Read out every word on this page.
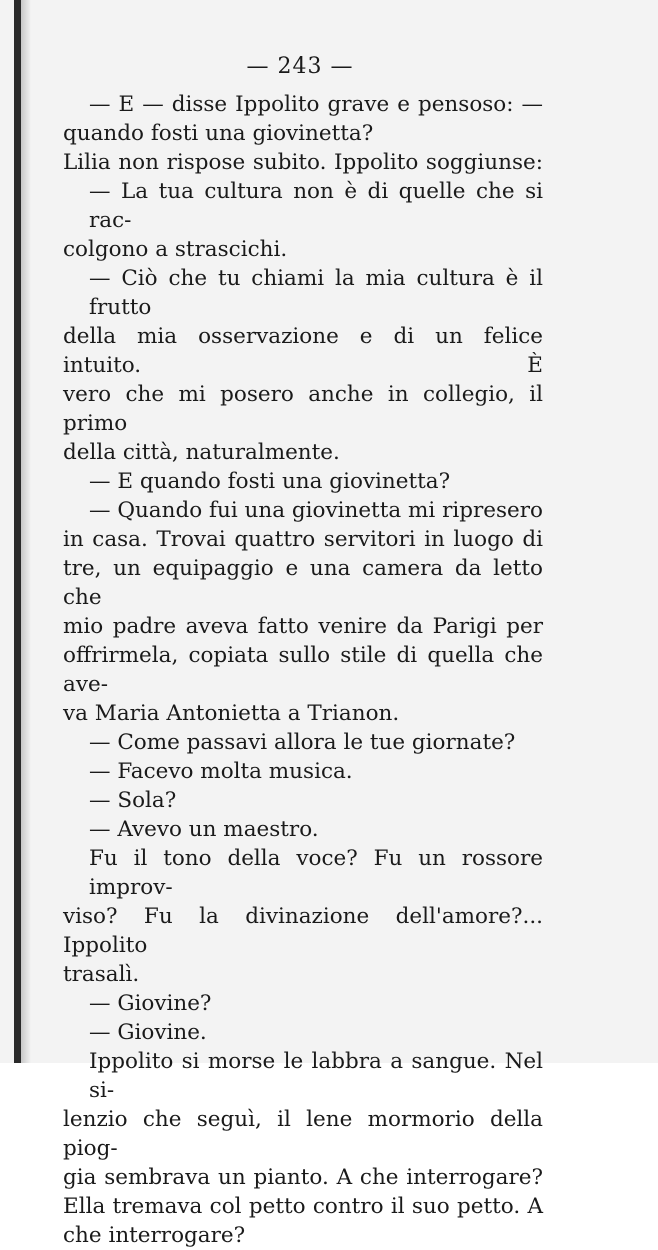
— 243 —
— E — disse Ippolito grave e pensoso: —
quando fosti una giovinetta?
Lilia non rispose subito. Ippolito soggiunse:
— La tua cultura non è di quelle che si rac-
colgono a strascichi.
— Ciò che tu chiami la mia cultura è il frutto
della mia osservazione e di un felice intuito. È
vero che mi posero anche in collegio, il primo
della città, naturalmente.
— E quando fosti una giovinetta?
— Quando fui una giovinetta mi ripresero
in casa. Trovai quattro servitori in luogo di
tre, un equipaggio e una camera da letto che
mio padre aveva fatto venire da Parigi per
offrirmela, copiata sullo stile di quella che ave-
va Maria Antonietta a Trianon.
— Come passavi allora le tue giornate?
— Facevo molta musica.
— Sola?
— Avevo un maestro.
Fu il tono della voce? Fu un rossore improv-
viso? Fu la divinazione dell'amore?... Ippolito
trasalì.
— Giovine?
— Giovine.
Ippolito si morse le labbra a sangue. Nel si-
lenzio che seguì, il lene mormorio della piog-
gia sembrava un pianto. A che interrogare?
Ella tremava col petto contro il suo petto. A
che interrogare?
